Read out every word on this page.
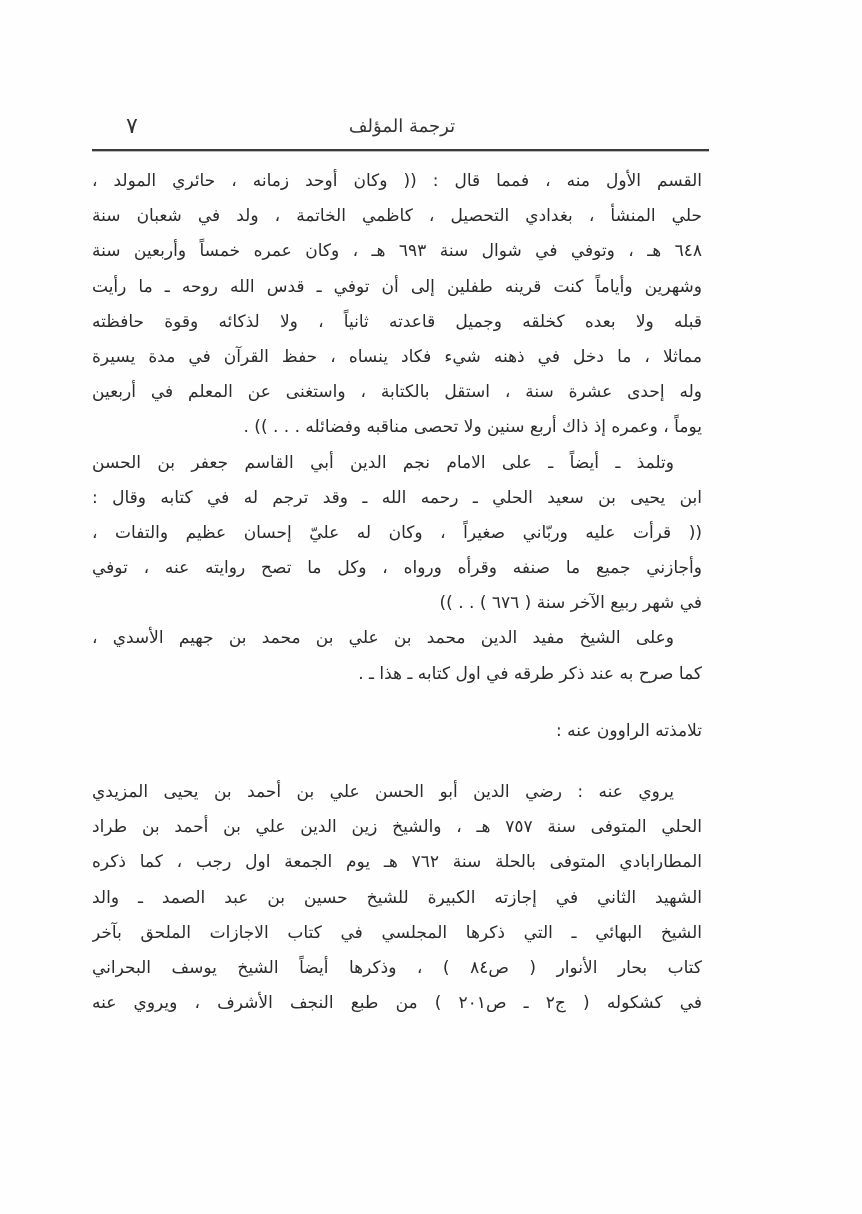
٧	ترجمة المؤلف
القسم الأول منه ، فمما قال : (( وكان أوحد زمانه ، حائري المولد ،
حلي المنشأ ، بغدادي التحصيل ، كاظمي الخاتمة ، ولد في شعبان سنة
٦٤٨ هـ ، وتوفي في شوال سنة ٦٩٣ هـ ، وكان عمره خمساً وأربعين سنة
وشهرين وأياماً كنت قرينه طفلين إلى أن توفي ـ قدس الله روحه ـ ما رأيت
قبله ولا بعده كخلقه وجميل قاعدته ثانياً ، ولا لذكائه وقوة حافظته
مماثلا ، ما دخل في ذهنه شيء فكاد ينساه ، حفظ القرآن في مدة يسيرة
وله إحدى عشرة سنة ، استقل بالكتابة ، واستغنى عن المعلم في أربعين
يوماً ، وعمره إذ ذاك أربع سنين ولا تحصى مناقبه وفضائله . . . )) .
وتلمذ ـ أيضاً ـ على الامام نجم الدين أبي القاسم جعفر بن الحسن
ابن يحيى بن سعيد الحلي ـ رحمه الله ـ وقد ترجم له في كتابه وقال :
(( قرأت عليه وربّاني صغيراً ، وكان له عليّ إحسان عظيم والتفات ،
وأجازني جميع ما صنفه وقرأه ورواه ، وكل ما تصح روايته عنه ، توفي
في شهر ربيع الآخر سنة ( ٦٧٦ ) . . ))
وعلى الشيخ مفيد الدين محمد بن علي بن محمد بن جهيم الأسدي ،
كما صرح به عند ذكر طرقه في اول كتابه ـ هذا ـ .
تلامذته الراوون عنه :
يروي عنه : رضي الدين أبو الحسن علي بن أحمد بن يحيى المزيدي
الحلي المتوفى سنة ٧٥٧ هـ ، والشيخ زين الدين علي بن أحمد بن طراد
المطارابادي المتوفى بالحلة سنة ٧٦٢ هـ يوم الجمعة اول رجب ، كما ذكره
الشهيد الثاني في إجازته الكبيرة للشيخ حسين بن عبد الصمد ـ والد
الشيخ البهائي ـ التي ذكرها المجلسي في كتاب الاجازات الملحق بآخر
كتاب بحار الأنوار ( ص٨٤ ) ، وذكرها أيضاً الشيخ يوسف البحراني
في كشكوله ( ج٢ ـ ص٢٠١ ) من طبع النجف الأشرف ، ويروي عنه
